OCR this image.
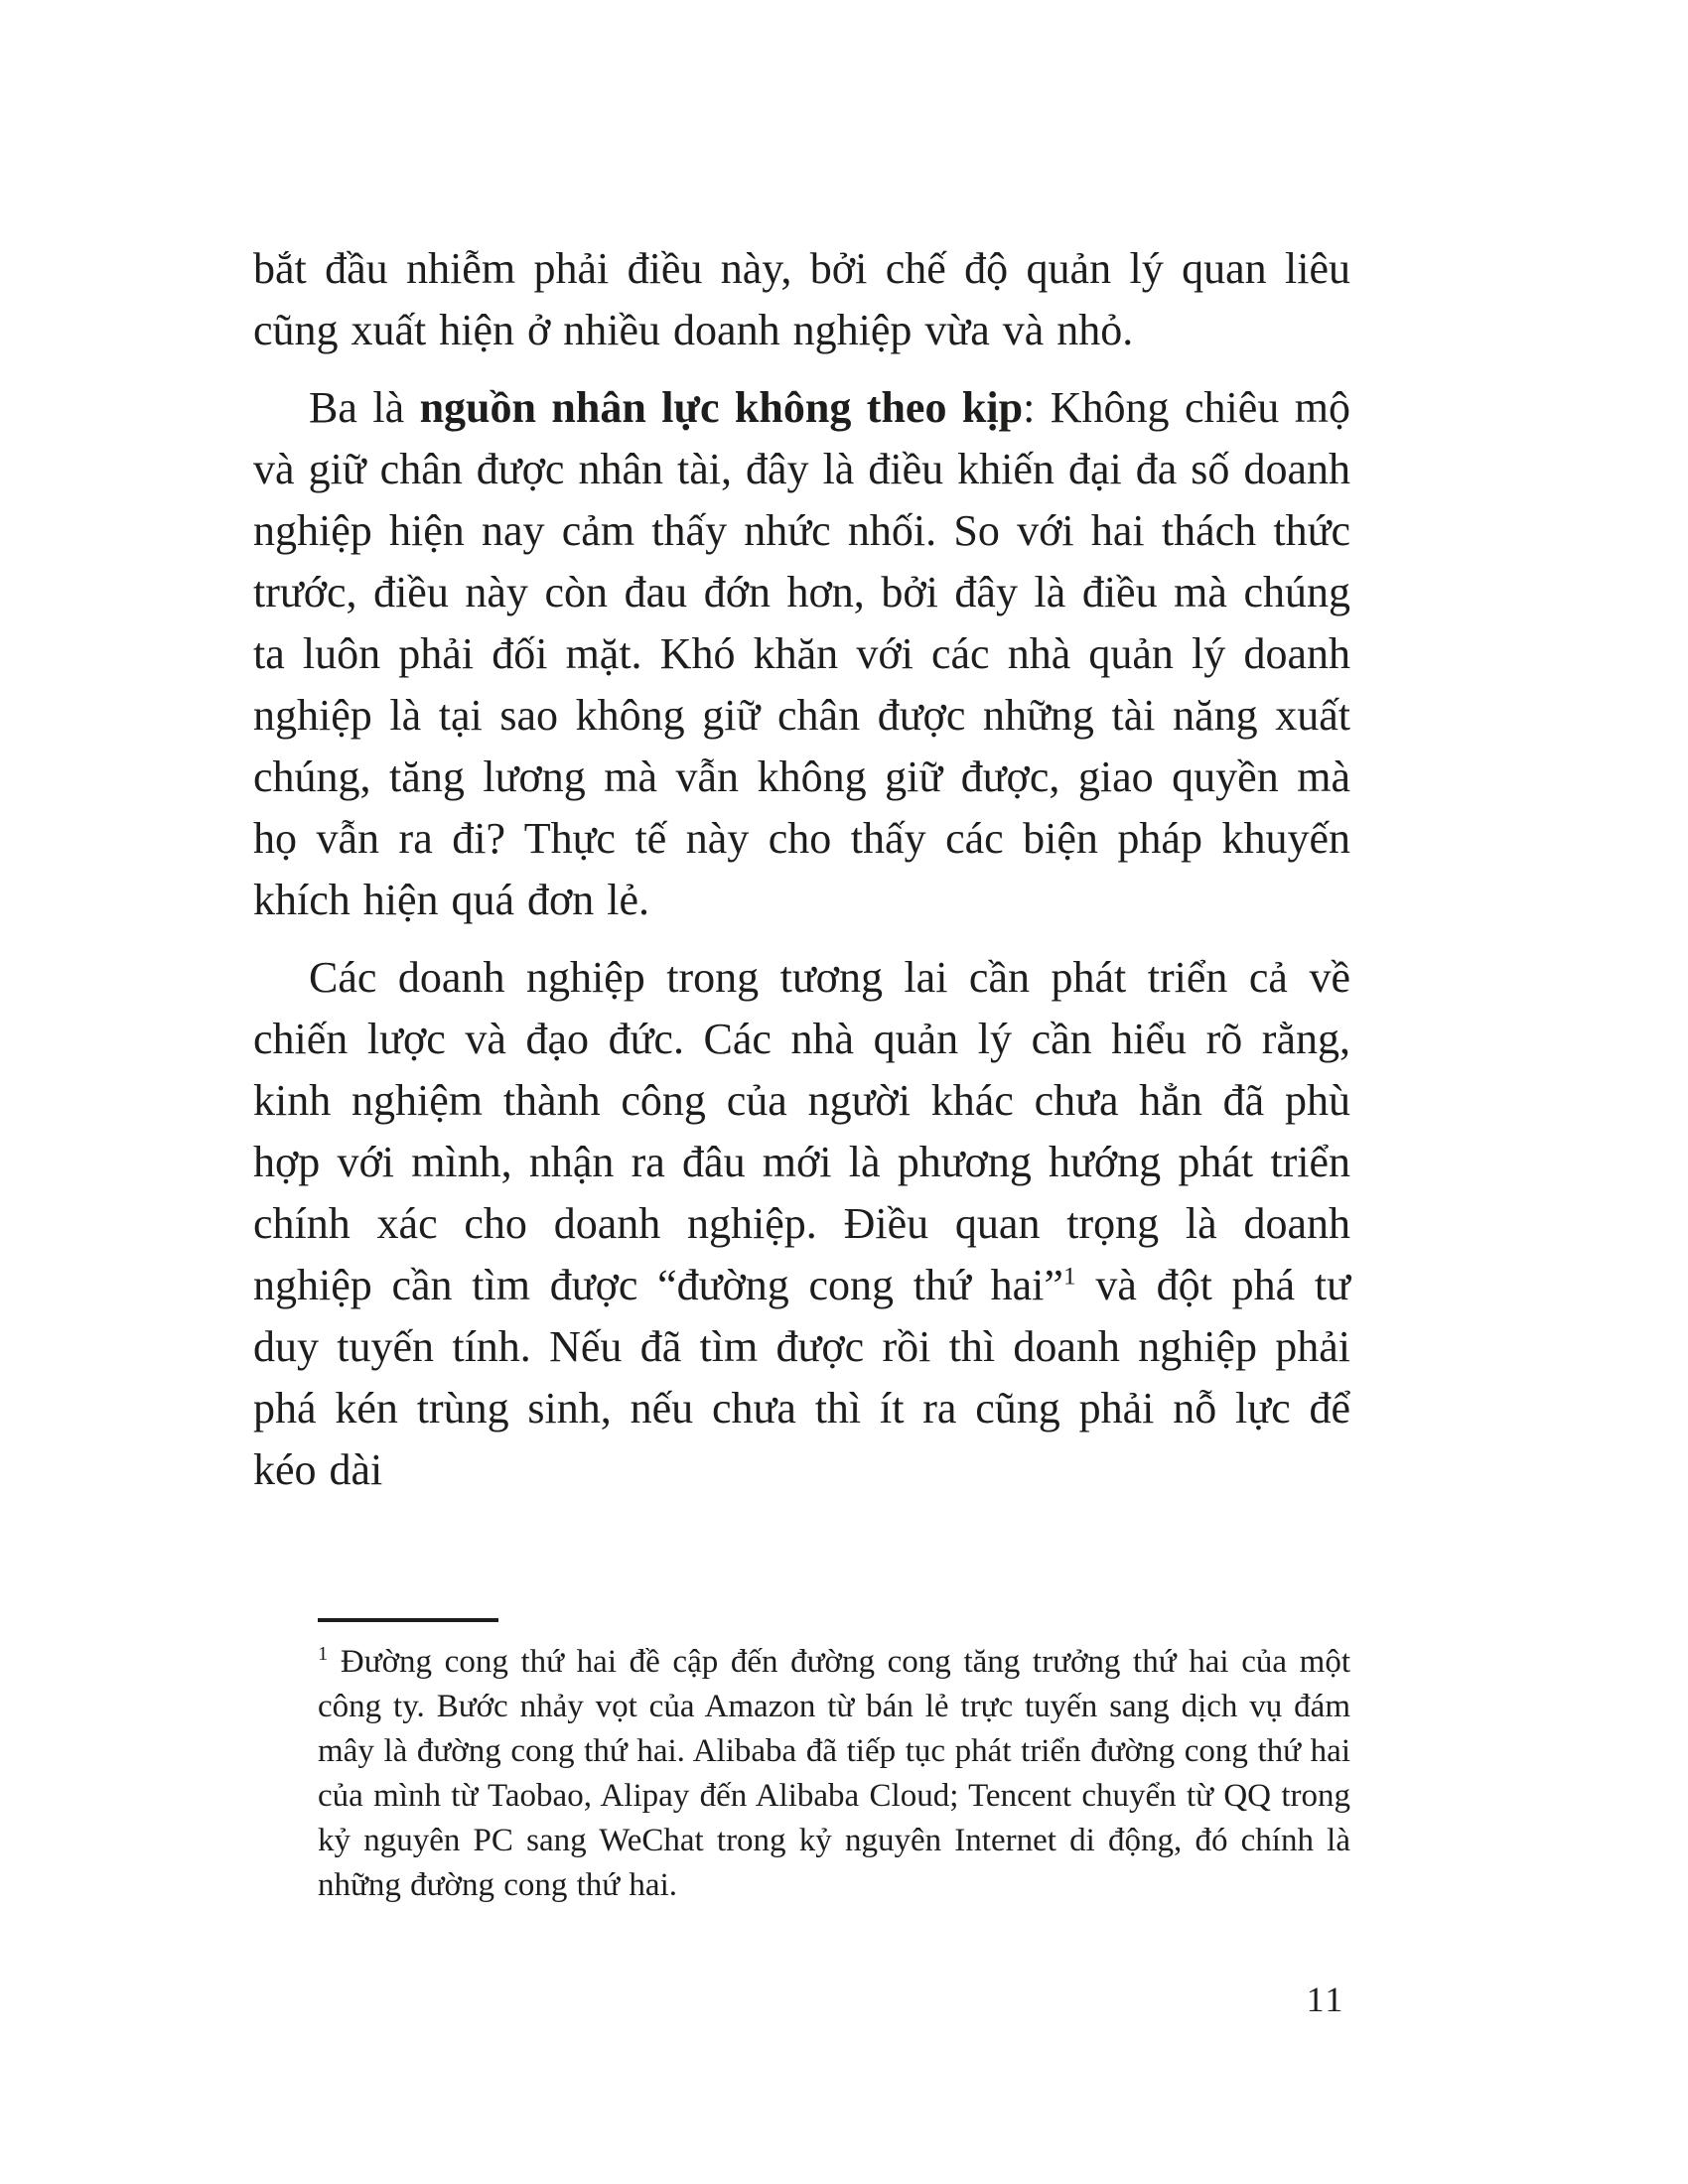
bắt đầu nhiễm phải điều này, bởi chế độ quản lý quan liêu cũng xuất hiện ở nhiều doanh nghiệp vừa và nhỏ.

Ba là nguồn nhân lực không theo kịp: Không chiêu mộ và giữ chân được nhân tài, đây là điều khiến đại đa số doanh nghiệp hiện nay cảm thấy nhức nhối. So với hai thách thức trước, điều này còn đau đớn hơn, bởi đây là điều mà chúng ta luôn phải đối mặt. Khó khăn với các nhà quản lý doanh nghiệp là tại sao không giữ chân được những tài năng xuất chúng, tăng lương mà vẫn không giữ được, giao quyền mà họ vẫn ra đi? Thực tế này cho thấy các biện pháp khuyến khích hiện quá đơn lẻ.

Các doanh nghiệp trong tương lai cần phát triển cả về chiến lược và đạo đức. Các nhà quản lý cần hiểu rõ rằng, kinh nghiệm thành công của người khác chưa hẳn đã phù hợp với mình, nhận ra đâu mới là phương hướng phát triển chính xác cho doanh nghiệp. Điều quan trọng là doanh nghiệp cần tìm được “đường cong thứ hai”$^1$ và đột phá tư duy tuyến tính. Nếu đã tìm được rồi thì doanh nghiệp phải phá kén trùng sinh, nếu chưa thì ít ra cũng phải nỗ lực để kéo dài

$^1$ Đường cong thứ hai đề cập đến đường cong tăng trưởng thứ hai của một công ty. Bước nhảy vọt của Amazon từ bán lẻ trực tuyến sang dịch vụ đám mây là đường cong thứ hai. Alibaba đã tiếp tục phát triển đường cong thứ hai của mình từ Taobao, Alipay đến Alibaba Cloud; Tencent chuyển từ QQ trong kỷ nguyên PC sang WeChat trong kỷ nguyên Internet di động, đó chính là những đường cong thứ hai.
11
